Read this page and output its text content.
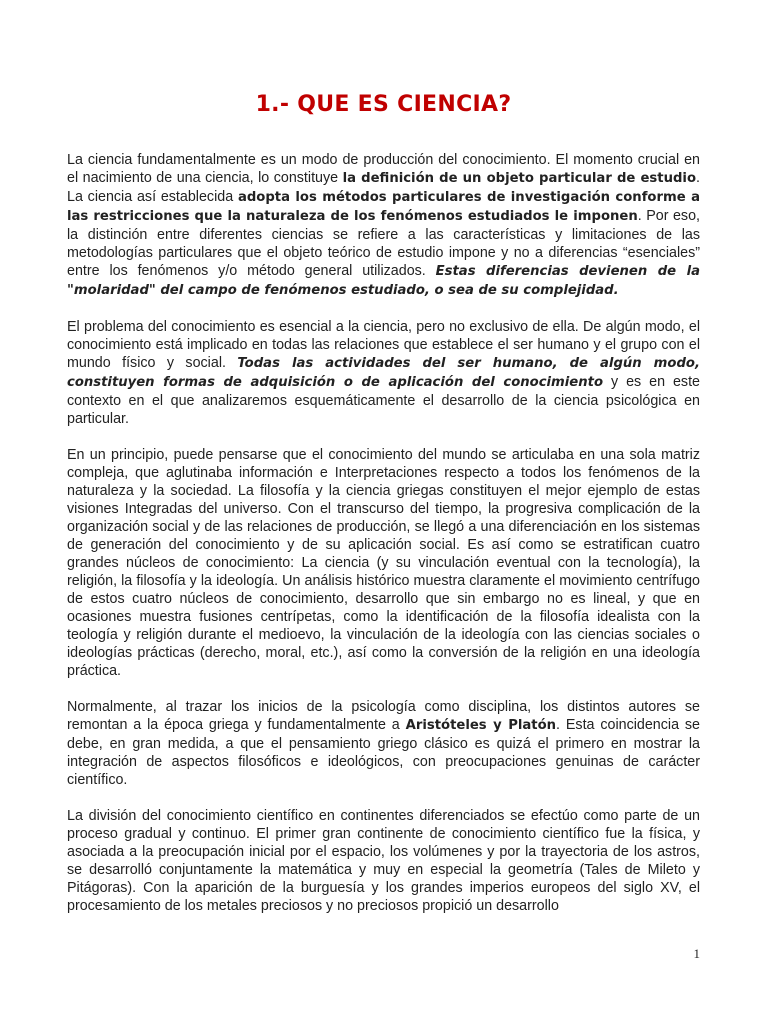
1.- QUE ES CIENCIA?

La ciencia fundamentalmente es un modo de producción del conocimiento. El momento crucial en el nacimiento de una ciencia, lo constituye la definición de un objeto particular de estudio. La ciencia así establecida adopta los métodos particulares de investigación conforme a las restricciones que la naturaleza de los fenómenos estudiados le imponen. Por eso, la distinción entre diferentes ciencias se refiere a las características y limitaciones de las metodologías particulares que el objeto teórico de estudio impone y no a diferencias “esenciales” entre los fenómenos y/o método general utilizados. Estas diferencias devienen de la "molaridad" del campo de fenómenos estudiado, o sea de su complejidad.

El problema del conocimiento es esencial a la ciencia, pero no exclusivo de ella. De algún modo, el conocimiento está implicado en todas las relaciones que establece el ser humano y el grupo con el mundo físico y social. Todas las actividades del ser humano, de algún modo, constituyen formas de adquisición o de aplicación del conocimiento y es en este contexto en el que analizaremos esquemáticamente el desarrollo de la ciencia psicológica en particular.

En un principio, puede pensarse que el conocimiento del mundo se articulaba en una sola matriz compleja, que aglutinaba información e Interpretaciones respecto a todos los fenómenos de la naturaleza y la sociedad. La filosofía y la ciencia griegas constituyen el mejor ejemplo de estas visiones Integradas del universo. Con el transcurso del tiempo, la progresiva complicación de la organización social y de las relaciones de producción, se llegó a una diferenciación en los sistemas de generación del conocimiento y de su aplicación social. Es así como se estratifican cuatro grandes núcleos de conocimiento: La ciencia (y su vinculación eventual con la tecnología), la religión, la filosofía y la ideología. Un análisis histórico muestra claramente el movimiento centrífugo de estos cuatro núcleos de conocimiento, desarrollo que sin embargo no es lineal, y que en ocasiones muestra fusiones centrípetas, como la identificación de la filosofía idealista con la teología y religión durante el medioevo, la vinculación de la ideología con las ciencias sociales o ideologías prácticas (derecho, moral, etc.), así como la conversión de la religión en una ideología práctica.

Normalmente, al trazar los inicios de la psicología como disciplina, los distintos autores se remontan a la época griega y fundamentalmente a Aristóteles y Platón. Esta coincidencia se debe, en gran medida, a que el pensamiento griego clásico es quizá el primero en mostrar la integración de aspectos filosóficos e ideológicos, con preocupaciones genuinas de carácter científico.

La división del conocimiento científico en continentes diferenciados se efectúo como parte de un proceso gradual y continuo. El primer gran continente de conocimiento científico fue la física, y asociada a la preocupación inicial por el espacio, los volúmenes y por la trayectoria de los astros, se desarrolló conjuntamente la matemática y muy en especial la geometría (Tales de Mileto y Pitágoras). Con la aparición de la burguesía y los grandes imperios europeos del siglo XV, el procesamiento de los metales preciosos y no preciosos propició un desarrollo

1
